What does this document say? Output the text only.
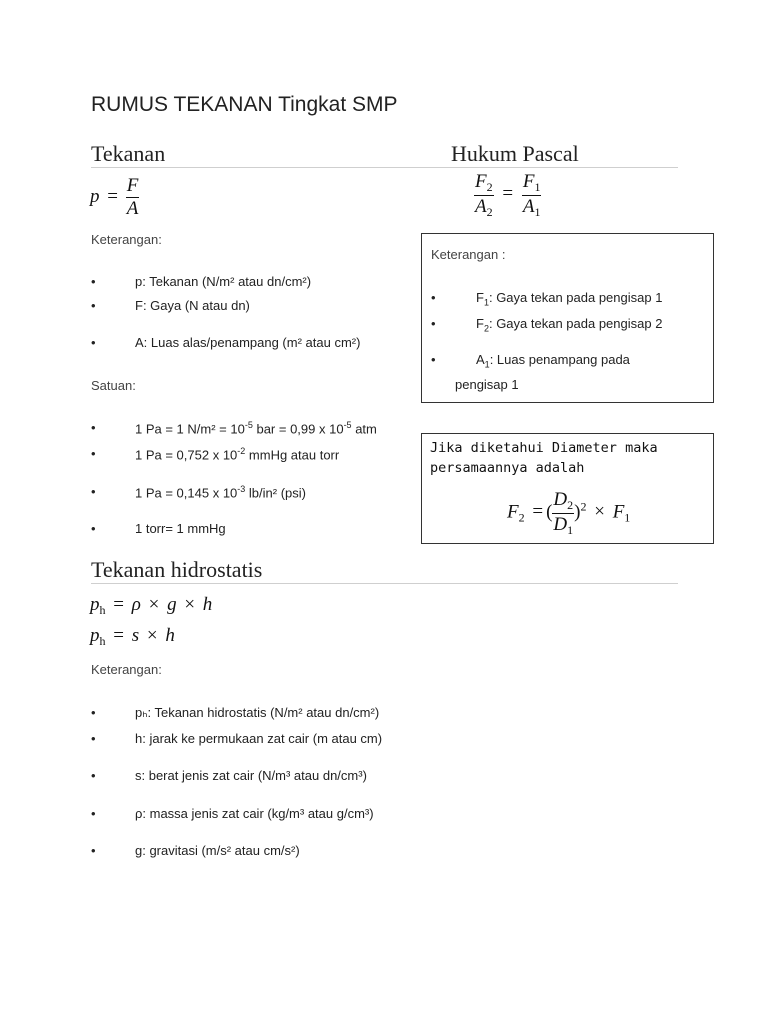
RUMUS TEKANAN Tingkat SMP
Tekanan
$p = \frac{F}{A}$
Keterangan:
•	p: Tekanan (N/m² atau dn/cm²)
•	F: Gaya (N atau dn)
•	A: Luas alas/penampang (m² atau cm²)
Satuan:
•	1 Pa = 1 $N/m^2 = 10^{-5}$ bar = 0,99 x $10^{-5}$ atm
•	1 Pa = 0,752 x $10^{-2}$ mmHg atau torr
•	1 Pa = 0,145 x $10^{-3}$ lb/in² (psi)
•	1 torr= 1 mmHg
Hukum Pascal
$\frac{F_2}{A_2} = \frac{F_1}{A_1}$
Keterangan :
•	$F_1$: Gaya tekan pada pengisap 1
•	$F_2$: Gaya tekan pada pengisap 2
•	$A_1$: Luas penampang pada
pengisap 1
Jika diketahui Diameter maka
persamaannya adalah
$F_2$ = ( $\frac{D_2}{D_1} )^2 \times F_1$
Tekanan hidrostatis
$p_h = \rho \times g \times h$
$p_h = s \times h$
Keterangan:
•	pₕ: Tekanan hidrostatis (N/m² atau dn/cm²)
•	h: jarak ke permukaan zat cair (m atau cm)
•	s: berat jenis zat cair (N/m³ atau dn/cm³)
•	ρ: massa jenis zat cair (kg/m³ atau g/cm³)
•	g: gravitasi (m/s² atau cm/s²)
